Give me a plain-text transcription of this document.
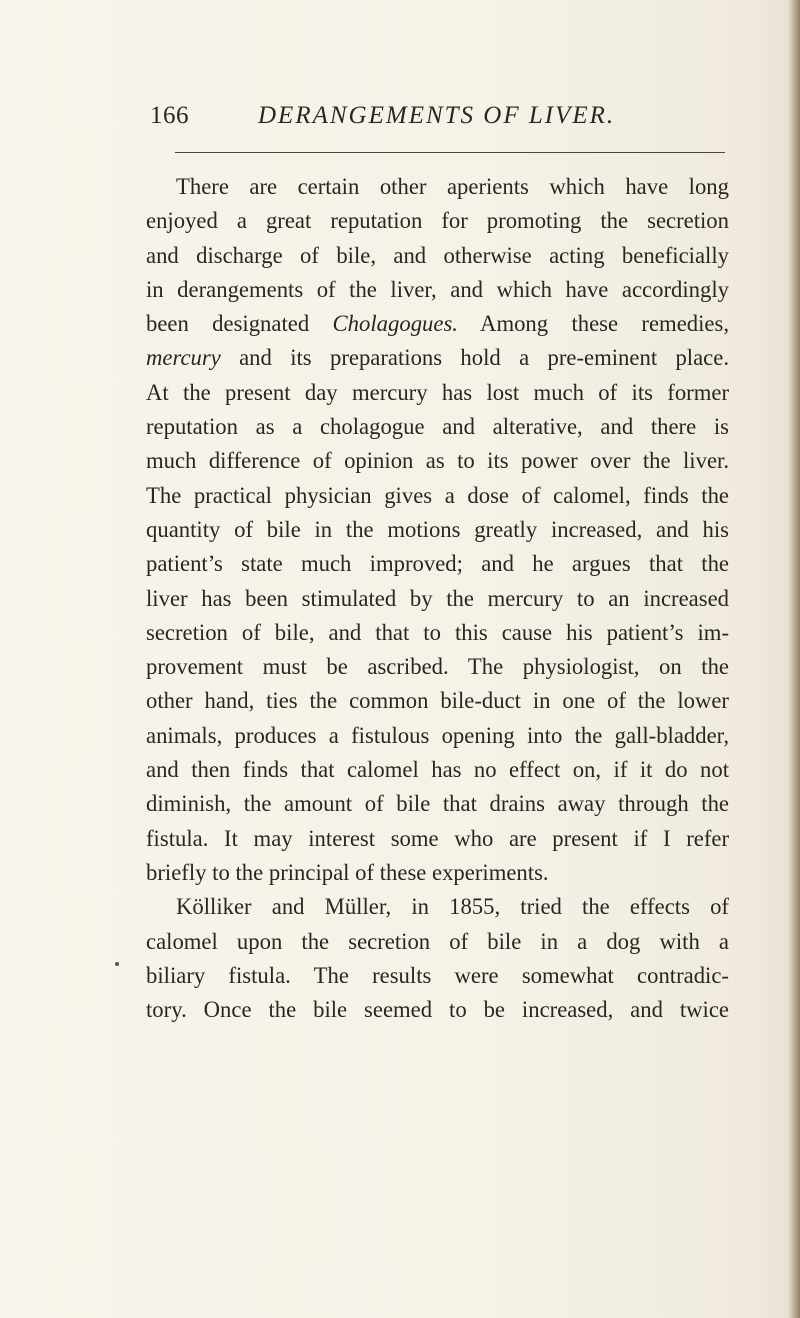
166	DERANGEMENTS OF LIVER.
There are certain other aperients which have long
enjoyed a great reputation for promoting the secretion
and discharge of bile, and otherwise acting beneficially
in derangements of the liver, and which have accordingly
been designated Cholagogues. Among these remedies,
mercury and its preparations hold a pre-eminent place.
At the present day mercury has lost much of its former
reputation as a cholagogue and alterative, and there is
much difference of opinion as to its power over the liver.
The practical physician gives a dose of calomel, finds the
quantity of bile in the motions greatly increased, and his
patient’s state much improved; and he argues that the
liver has been stimulated by the mercury to an increased
secretion of bile, and that to this cause his patient’s im-
provement must be ascribed. The physiologist, on the
other hand, ties the common bile-duct in one of the lower
animals, produces a fistulous opening into the gall-bladder,
and then finds that calomel has no effect on, if it do not
diminish, the amount of bile that drains away through the
fistula. It may interest some who are present if I refer
briefly to the principal of these experiments.
Kölliker and Müller, in 1855, tried the effects of
calomel upon the secretion of bile in a dog with a
biliary fistula. The results were somewhat contradic-
tory. Once the bile seemed to be increased, and twice
